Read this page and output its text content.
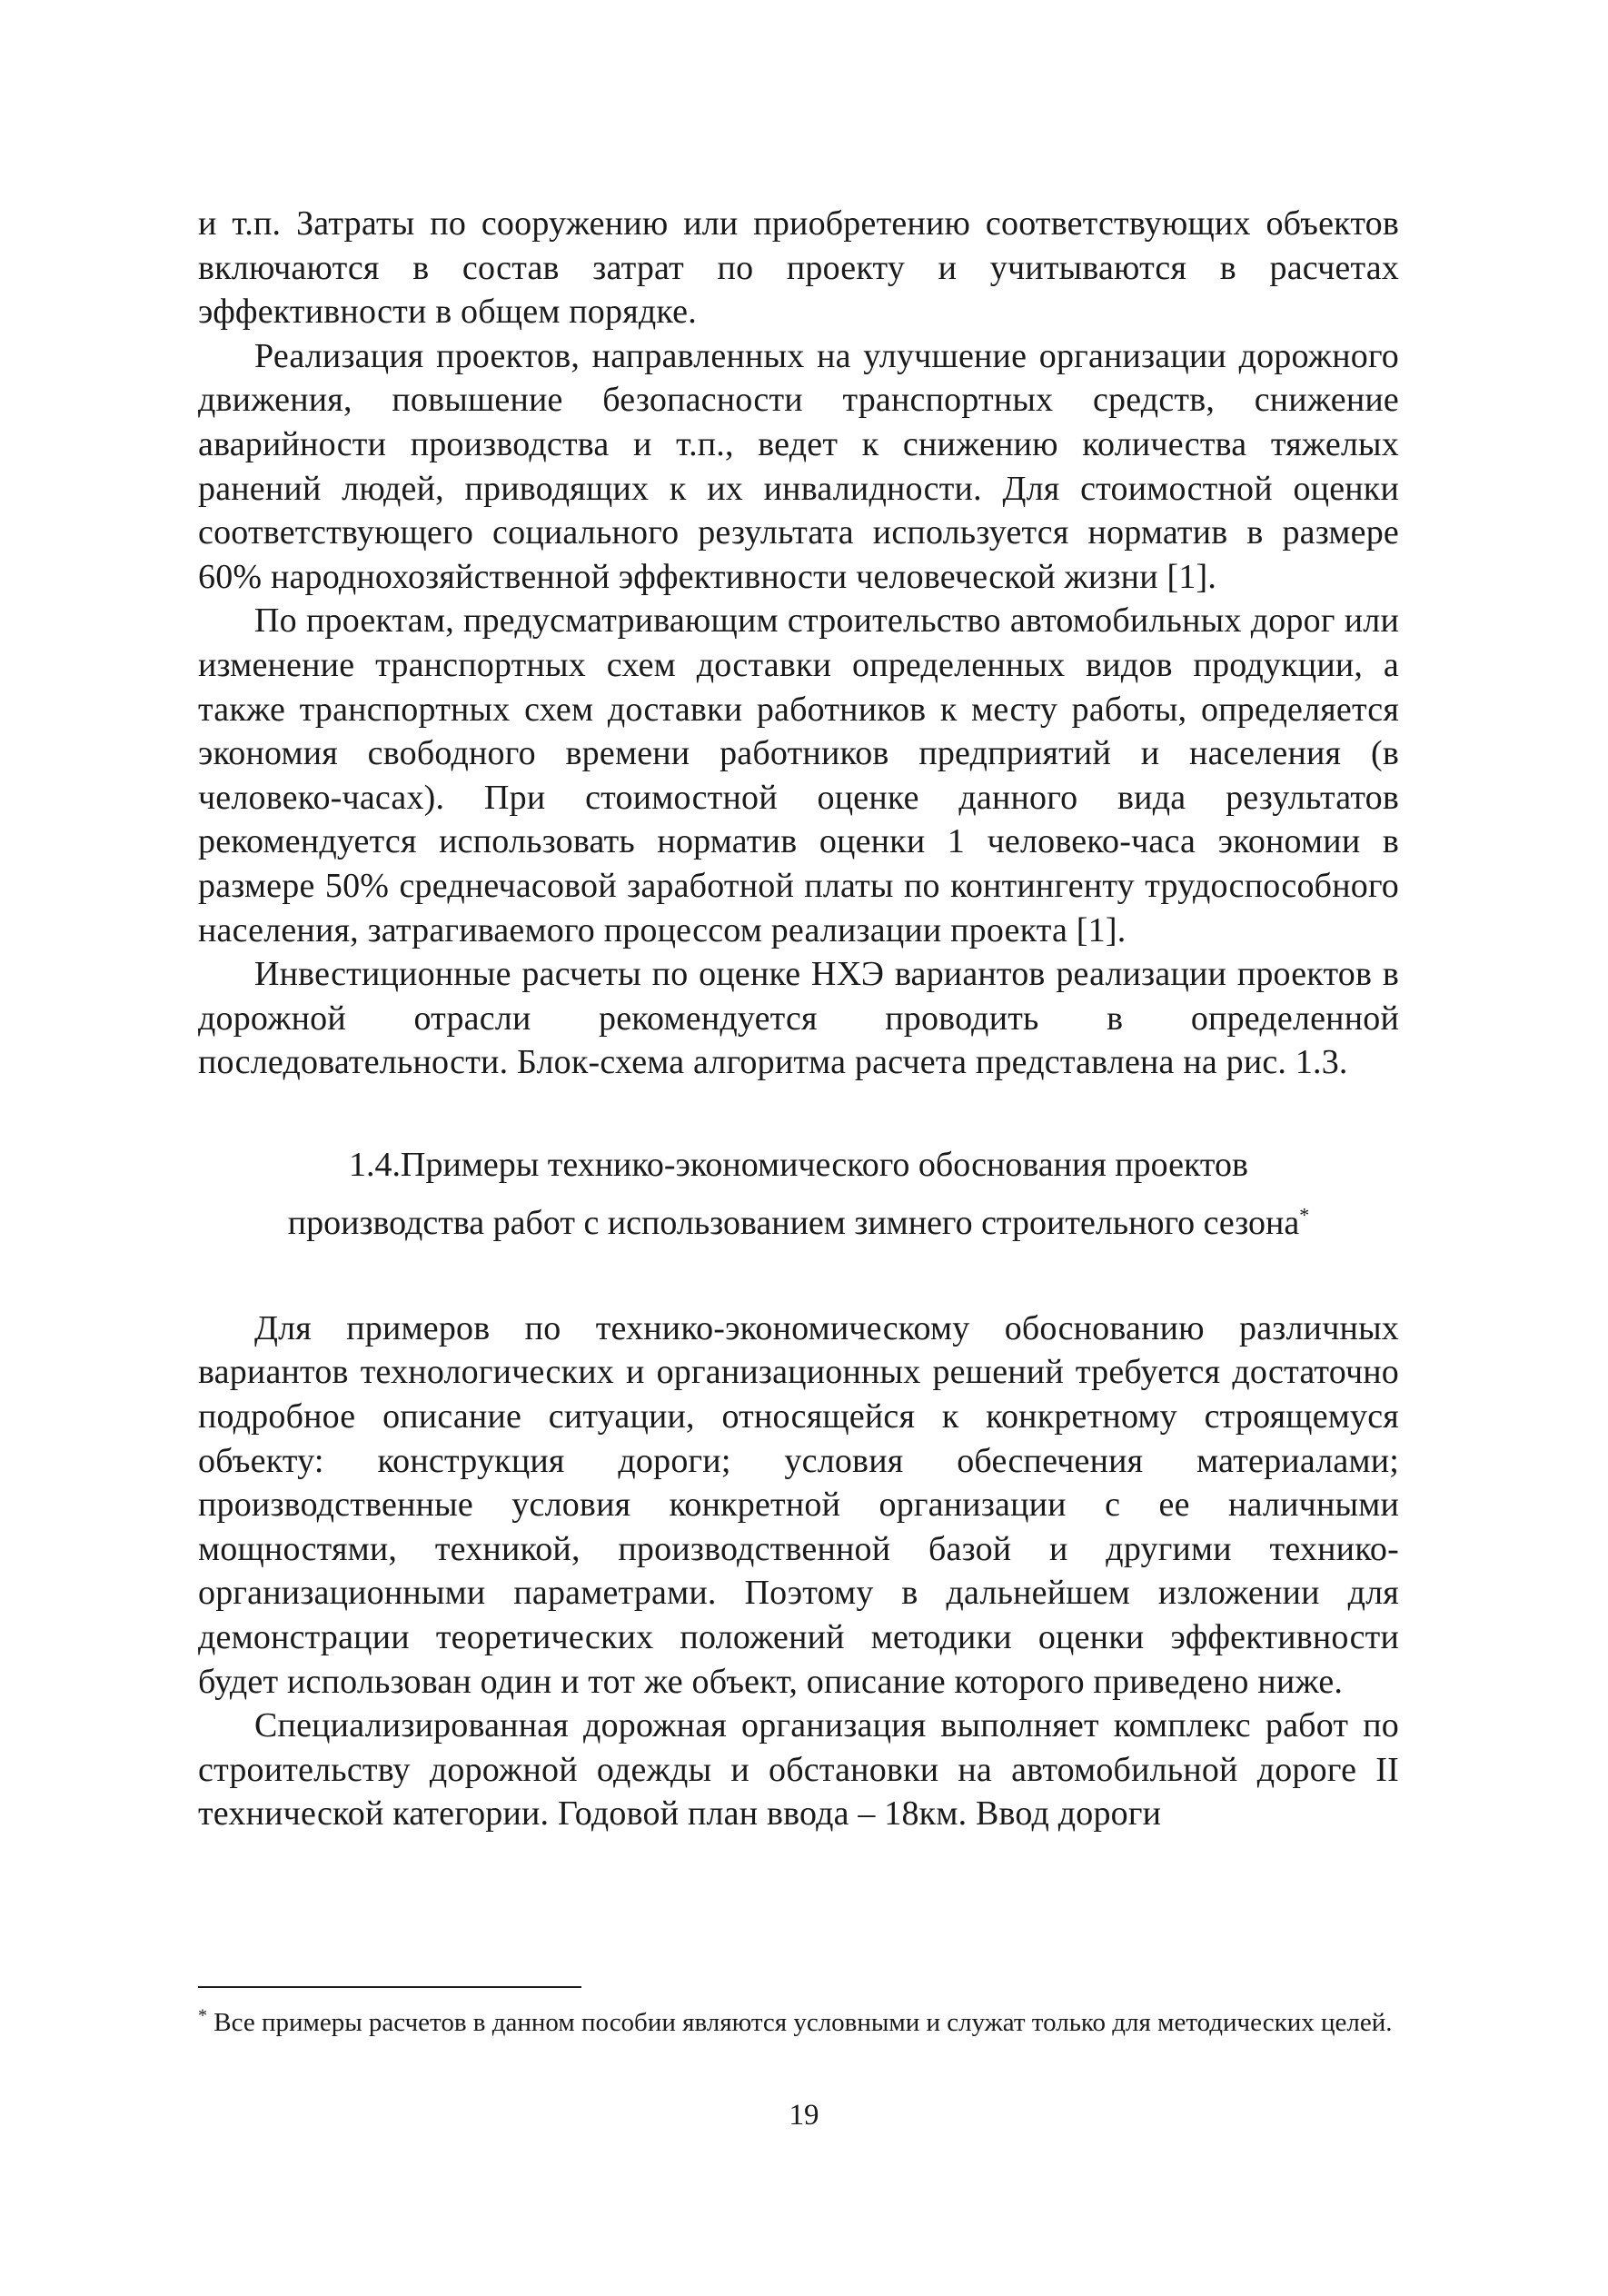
и т.п. Затраты по сооружению или приобретению соответствующих объектов включаются в состав затрат по проекту и учитываются в расчетах эффективности в общем порядке.

Реализация проектов, направленных на улучшение организации дорожного движения, повышение безопасности транспортных средств, снижение аварийности производства и т.п., ведет к снижению количества тяжелых ранений людей, приводящих к их инвалидности. Для стоимостной оценки соответствующего социального результата используется норматив в размере 60% народнохозяйственной эффективности человеческой жизни [1].

По проектам, предусматривающим строительство автомобильных дорог или изменение транспортных схем доставки определенных видов продукции, а также транспортных схем доставки работников к месту работы, определяется экономия свободного времени работников предприятий и населения (в человеко-часах). При стоимостной оценке данного вида результатов рекомендуется использовать норматив оценки 1 человеко-часа экономии в размере 50% среднечасовой заработной платы по контингенту трудоспособного населения, затрагиваемого процессом реализации проекта [1].

Инвестиционные расчеты по оценке НХЭ вариантов реализации проектов в дорожной отрасли рекомендуется проводить в определенной последовательности. Блок-схема алгоритма расчета представлена на рис. 1.3.

1.4.Примеры технико-экономического обоснования проектов
производства работ с использованием зимнего строительного сезона*

Для примеров по технико-экономическому обоснованию различных вариантов технологических и организационных решений требуется достаточно подробное описание ситуации, относящейся к конкретному строящемуся объекту: конструкция дороги; условия обеспечения материалами; производственные условия конкретной организации с ее наличными мощностями, техникой, производственной базой и другими технико-организационными параметрами. Поэтому в дальнейшем изложении для демонстрации теоретических положений методики оценки эффективности будет использован один и тот же объект, описание которого приведено ниже.

Специализированная дорожная организация выполняет комплекс работ по строительству дорожной одежды и обстановки на автомобильной дороге II технической категории. Годовой план ввода – 18км. Ввод дороги

* Все примеры расчетов в данном пособии являются условными и служат только для методических целей.

19
